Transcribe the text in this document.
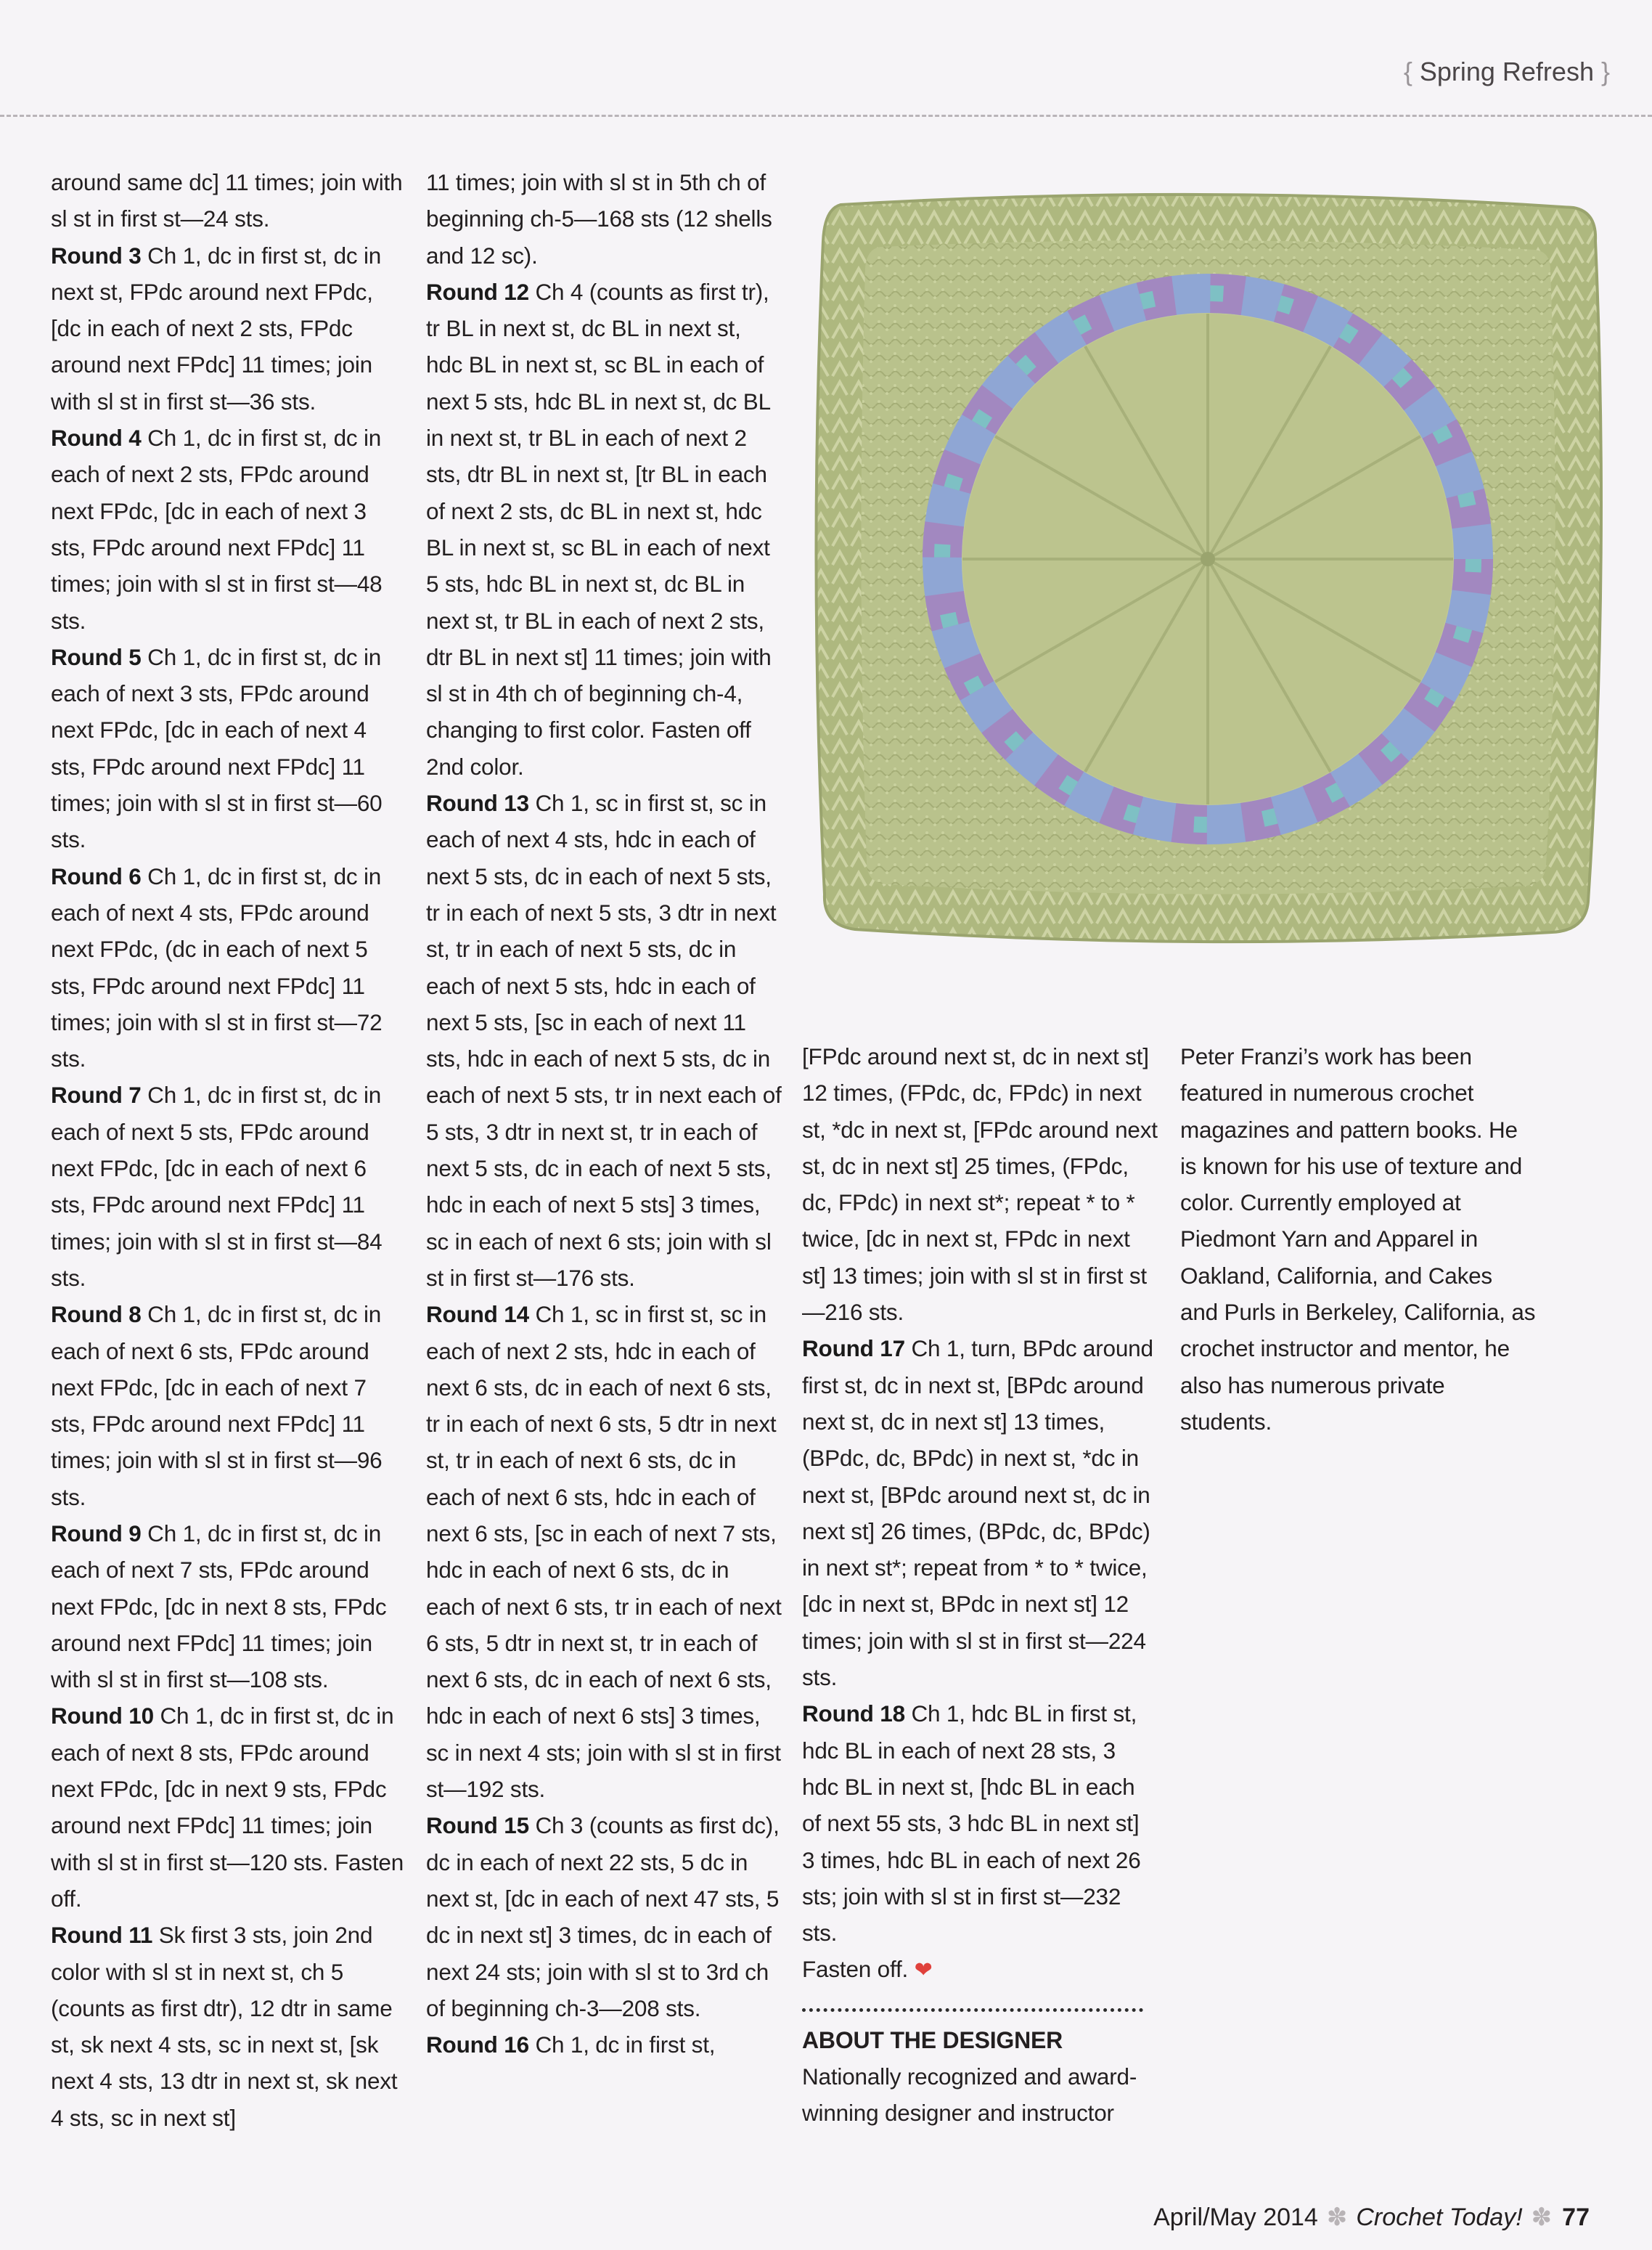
{ Spring Refresh }

around same dc] 11 times; join with sl st in first st—24 sts.

Round 3 Ch 1, dc in first st, dc in next st, FPdc around next FPdc, [dc in each of next 2 sts, FPdc around next FPdc] 11 times; join with sl st in first st—36 sts.

Round 4 Ch 1, dc in first st, dc in each of next 2 sts, FPdc around next FPdc, [dc in each of next 3 sts, FPdc around next FPdc] 11 times; join with sl st in first st—48 sts.

Round 5 Ch 1, dc in first st, dc in each of next 3 sts, FPdc around next FPdc, [dc in each of next 4 sts, FPdc around next FPdc] 11 times; join with sl st in first st—60 sts.

Round 6 Ch 1, dc in first st, dc in each of next 4 sts, FPdc around next FPdc, (dc in each of next 5 sts, FPdc around next FPdc] 11 times; join with sl st in first st—72 sts.

Round 7 Ch 1, dc in first st, dc in each of next 5 sts, FPdc around next FPdc, [dc in each of next 6 sts, FPdc around next FPdc] 11 times; join with sl st in first st—84 sts.

Round 8 Ch 1, dc in first st, dc in each of next 6 sts, FPdc around next FPdc, [dc in each of next 7 sts, FPdc around next FPdc] 11 times; join with sl st in first st—96 sts.

Round 9 Ch 1, dc in first st, dc in each of next 7 sts, FPdc around next FPdc, [dc in next 8 sts, FPdc around next FPdc] 11 times; join with sl st in first st—108 sts.

Round 10 Ch 1, dc in first st, dc in each of next 8 sts, FPdc around next FPdc, [dc in next 9 sts, FPdc around next FPdc] 11 times; join with sl st in first st—120 sts. Fasten off.

Round 11 Sk first 3 sts, join 2nd color with sl st in next st, ch 5 (counts as first dtr), 12 dtr in same st, sk next 4 sts, sc in next st, [sk next 4 sts, 13 dtr in next st, sk next 4 sts, sc in next st]

11 times; join with sl st in 5th ch of beginning ch-5—168 sts (12 shells and 12 sc).

Round 12 Ch 4 (counts as first tr), tr BL in next st, dc BL in next st, hdc BL in next st, sc BL in each of next 5 sts, hdc BL in next st, dc BL in next st, tr BL in each of next 2 sts, dtr BL in next st, [tr BL in each of next 2 sts, dc BL in next st, hdc BL in next st, sc BL in each of next 5 sts, hdc BL in next st, dc BL in next st, tr BL in each of next 2 sts, dtr BL in next st] 11 times; join with sl st in 4th ch of beginning ch-4, changing to first color. Fasten off 2nd color.

Round 13 Ch 1, sc in first st, sc in each of next 4 sts, hdc in each of next 5 sts, dc in each of next 5 sts, tr in each of next 5 sts, 3 dtr in next st, tr in each of next 5 sts, dc in each of next 5 sts, hdc in each of next 5 sts, [sc in each of next 11 sts, hdc in each of next 5 sts, dc in each of next 5 sts, tr in next each of 5 sts, 3 dtr in next st, tr in each of next 5 sts, dc in each of next 5 sts, hdc in each of next 5 sts] 3 times, sc in each of next 6 sts; join with sl st in first st—176 sts.

Round 14 Ch 1, sc in first st, sc in each of next 2 sts, hdc in each of next 6 sts, dc in each of next 6 sts, tr in each of next 6 sts, 5 dtr in next st, tr in each of next 6 sts, dc in each of next 6 sts, hdc in each of next 6 sts, [sc in each of next 7 sts, hdc in each of next 6 sts, dc in each of next 6 sts, tr in each of next 6 sts, 5 dtr in next st, tr in each of next 6 sts, dc in each of next 6 sts, hdc in each of next 6 sts] 3 times, sc in next 4 sts; join with sl st in first st—192 sts.

Round 15 Ch 3 (counts as first dc), dc in each of next 22 sts, 5 dc in next st, [dc in each of next 47 sts, 5 dc in next st] 3 times, dc in each of next 24 sts; join with sl st to 3rd ch of beginning ch-3—208 sts.

Round 16 Ch 1, dc in first st,

[FPdc around next st, dc in next st] 12 times, (FPdc, dc, FPdc) in next st, *dc in next st, [FPdc around next st, dc in next st] 25 times, (FPdc, dc, FPdc) in next st*; repeat * to * twice, [dc in next st, FPdc in next st] 13 times; join with sl st in first st—216 sts.

Round 17 Ch 1, turn, BPdc around first st, dc in next st, [BPdc around next st, dc in next st] 13 times, (BPdc, dc, BPdc) in next st, *dc in next st, [BPdc around next st, dc in next st] 26 times, (BPdc, dc, BPdc) in next st*; repeat from * to * twice, [dc in next st, BPdc in next st] 12 times; join with sl st in first st—224 sts.

Round 18 Ch 1, hdc BL in first st, hdc BL in each of next 28 sts, 3 hdc BL in next st, [hdc BL in each of next 55 sts, 3 hdc BL in next st] 3 times, hdc BL in each of next 26 sts; join with sl st in first st—232 sts.

Fasten off. ❤

ABOUT THE DESIGNER

Nationally recognized and award-winning designer and instructor

Peter Franzi’s work has been featured in numerous crochet magazines and pattern books. He is known for his use of texture and color. Currently employed at Piedmont Yarn and Apparel in Oakland, California, and Cakes and Purls in Berkeley, California, as crochet instructor and mentor, he also has numerous private students.

April/May 2014 ✽ Crochet Today! ✽ 77
